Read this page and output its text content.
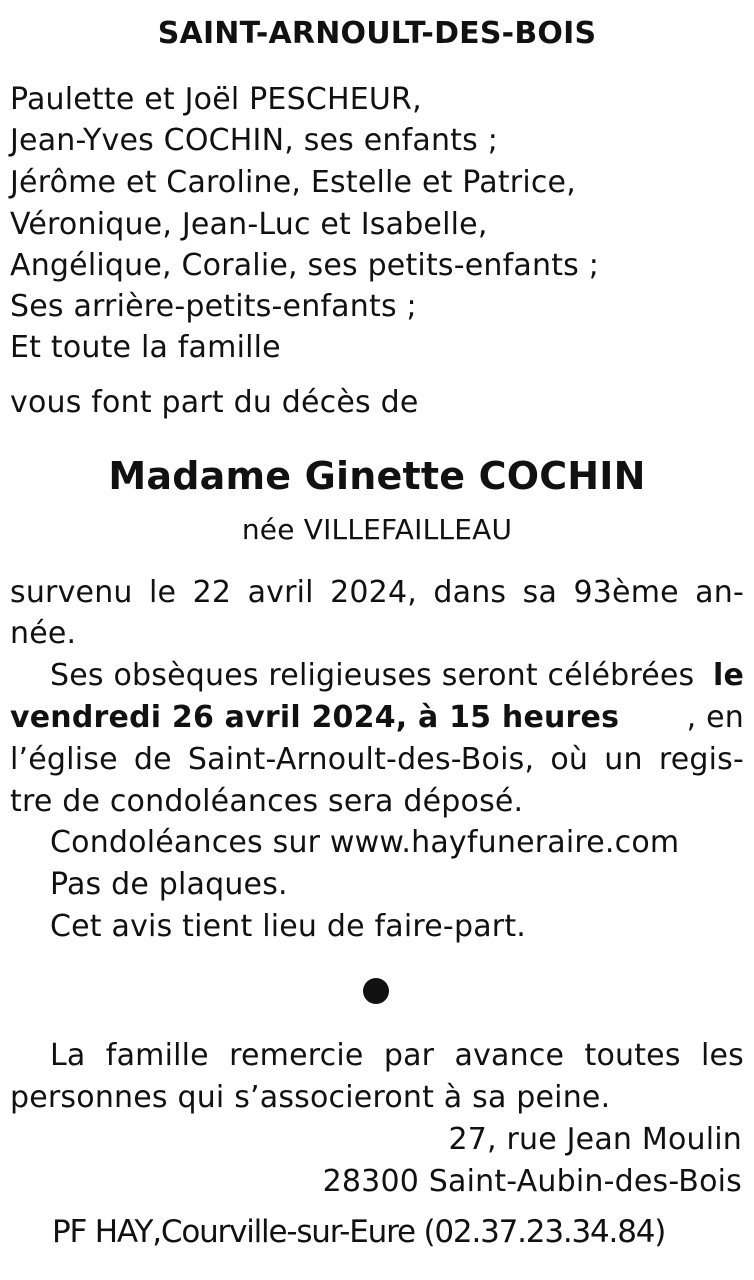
SAINT-ARNOULT-DES-BOIS
Paulette et Joël PESCHEUR,
Jean-Yves COCHIN, ses enfants ;
Jérôme et Caroline, Estelle et Patrice,
Véronique, Jean-Luc et Isabelle,
Angélique, Coralie, ses petits-enfants ;
Ses arrière-petits-enfants ;
Et toute la famille
vous font part du décès de
Madame Ginette COCHIN
née VILLEFAILLEAU
survenu le 22 avril 2024, dans sa 93ème an-
née.
Ses obsèques religieuses seront célébrées le
vendredi 26 avril 2024, à 15 heures , en
l’église de Saint-Arnoult-des-Bois, où un regis-
tre de condoléances sera déposé.
Condoléances sur www.hayfuneraire.com
Pas de plaques.
Cet avis tient lieu de faire-part.
La famille remercie par avance toutes les
personnes qui s’associeront à sa peine.
27, rue Jean Moulin
28300 Saint-Aubin-des-Bois
PF HAY,Courville-sur-Eure (02.37.23.34.84)
